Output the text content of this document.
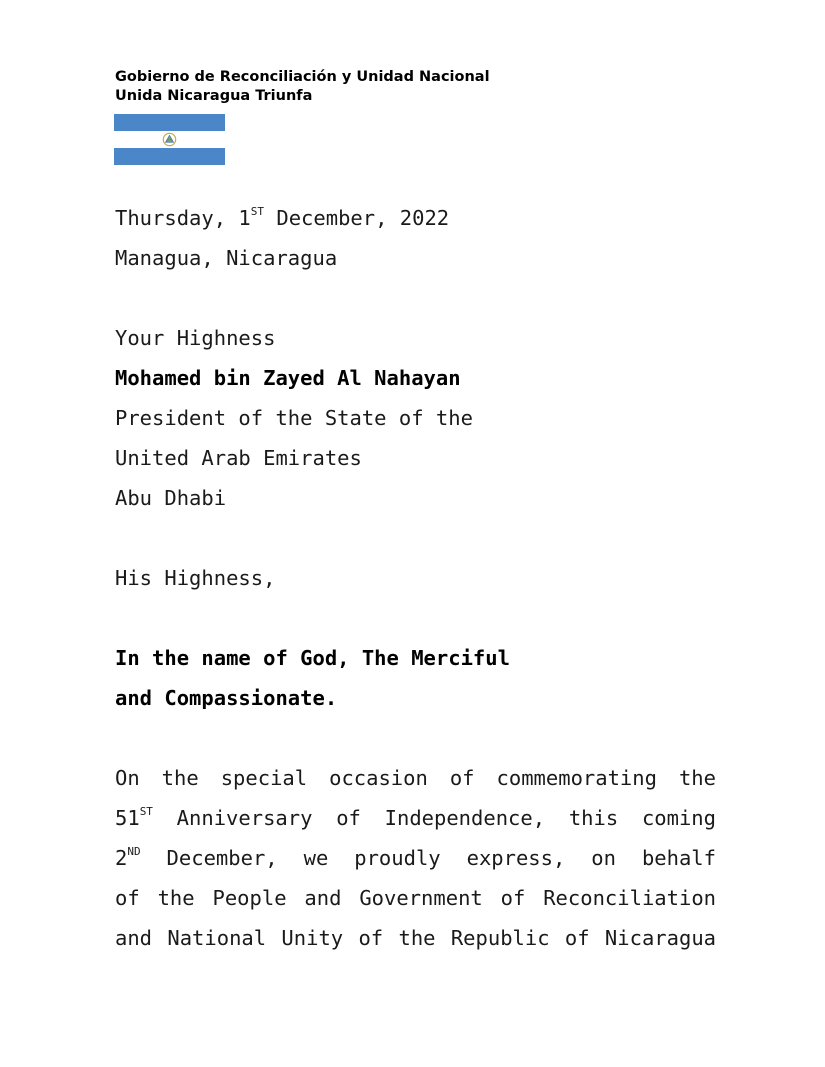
Gobierno de Reconciliación y Unidad Nacional
Unida Nicaragua Triunfa
Thursday, 1ST December, 2022
Managua, Nicaragua
Your Highness
Mohamed bin Zayed Al Nahayan
President of the State of the
United Arab Emirates
Abu Dhabi
His Highness,
In the name of God, The Merciful
and Compassionate.
On the special occasion of commemorating the
51ST Anniversary of Independence, this coming
2ND December, we proudly express, on behalf
of the People and Government of Reconciliation
and National Unity of the Republic of Nicaragua
